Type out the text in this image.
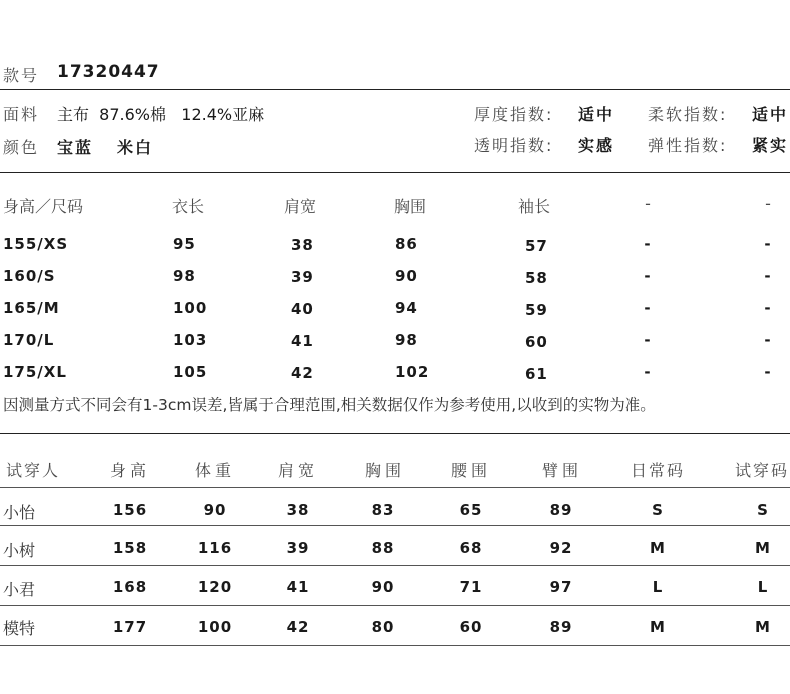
款号 17320447
面料 主布  87.6%棉   12.4%亚麻
颜色 宝蓝 米白
厚度指数: 适中 柔软指数: 适中
透明指数: 实感 弹性指数: 紧实
身高／尺码	衣长	肩宽	胸围	袖长	-	-
155/XS	95	38	86	57	-	-
160/S	98	39	90	58	-	-
165/M	100	40	94	59	-	-
170/L	103	41	98	60	-	-
175/XL	105	42	102	61	-	-
因测量方式不同会有1-3cm误差,皆属于合理范围,相关数据仅作为参考使用,以收到的实物为准。
试穿人	身高	体重	肩宽	胸围	腰围	臂围	日常码	试穿码
小怡	156	90	38	83	65	89	S	S
小树	158	116	39	88	68	92	M	M
小君	168	120	41	90	71	97	L	L
模特	177	100	42	80	60	89	M	M
